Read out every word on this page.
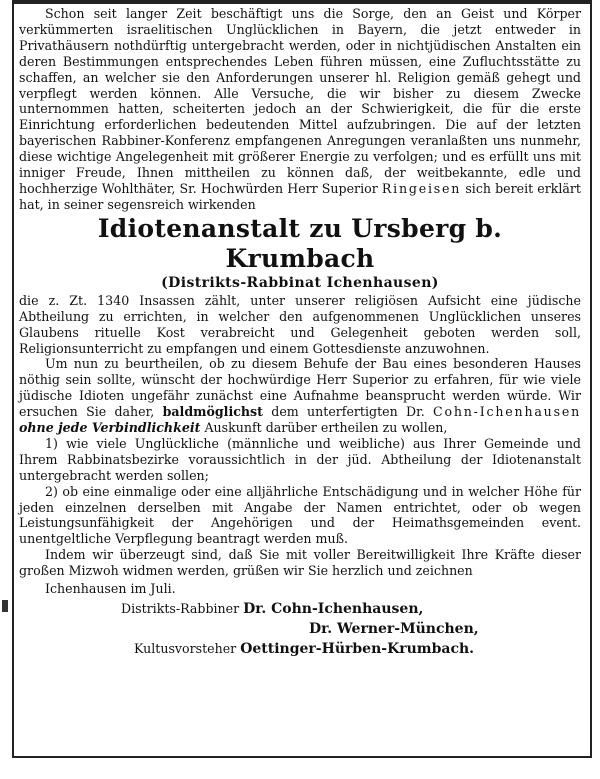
Schon seit langer Zeit beschäftigt uns die Sorge, den an Geist und Körper verkümmerten israelitischen Unglücklichen in Bayern, die jetzt entweder in Privathäusern nothdürftig untergebracht werden, oder in nichtjüdischen Anstalten ein deren Bestimmungen entsprechendes Leben führen müssen, eine Zufluchtsstätte zu schaffen, an welcher sie den Anforderungen unserer hl. Religion gemäß gehegt und verpflegt werden können. Alle Versuche, die wir bisher zu diesem Zwecke unternommen hatten, scheiterten jedoch an der Schwierigkeit, die für die erste Einrichtung erforderlichen bedeutenden Mittel aufzubringen. Die auf der letzten bayerischen Rabbiner-Konferenz empfangenen Anregungen veranlaßten uns nunmehr, diese wichtige Angelegenheit mit größerer Energie zu verfolgen; und es erfüllt uns mit inniger Freude, Ihnen mittheilen zu können daß, der weitbekannte, edle und hochherzige Wohlthäter, Sr. Hochwürden Herr Superior Ringeisen sich bereit erklärt hat, in seiner segensreich wirkenden

Idiotenanstalt zu Ursberg b. Krumbach
(Distrikts-Rabbinat Ichenhausen)

die z. Zt. 1340 Insassen zählt, unter unserer religiösen Aufsicht eine jüdische Abtheilung zu errichten, in welcher den aufgenommenen Unglücklichen unseres Glaubens rituelle Kost verabreicht und Gelegenheit geboten werden soll, Religionsunterricht zu empfangen und einem Gottesdienste anzuwohnen.

Um nun zu beurtheilen, ob zu diesem Behufe der Bau eines besonderen Hauses nöthig sein sollte, wünscht der hochwürdige Herr Superior zu erfahren, für wie viele jüdische Idioten ungefähr zunächst eine Aufnahme beansprucht werden würde. Wir ersuchen Sie daher, baldmöglichst dem unterfertigten Dr. Cohn-Ichenhausen ohne jede Verbindlichkeit Auskunft darüber ertheilen zu wollen,

1) wie viele Unglückliche (männliche und weibliche) aus Ihrer Gemeinde und Ihrem Rabbinatsbezirke voraussichtlich in der jüd. Abtheilung der Idiotenanstalt untergebracht werden sollen;

2) ob eine einmalige oder eine alljährliche Entschädigung und in welcher Höhe für jeden einzelnen derselben mit Angabe der Namen entrichtet, oder ob wegen Leistungsunfähigkeit der Angehörigen und der Heimathsgemeinden event. unentgeltliche Verpflegung beantragt werden muß.

Indem wir überzeugt sind, daß Sie mit voller Bereitwilligkeit Ihre Kräfte dieser großen Mizwoh widmen werden, grüßen wir Sie herzlich und zeichnen

Ichenhausen im Juli.
Distrikts-Rabbiner Dr. Cohn-Ichenhausen,
Dr. Werner-München,
Kultusvorsteher Oettinger-Hürben-Krumbach.
